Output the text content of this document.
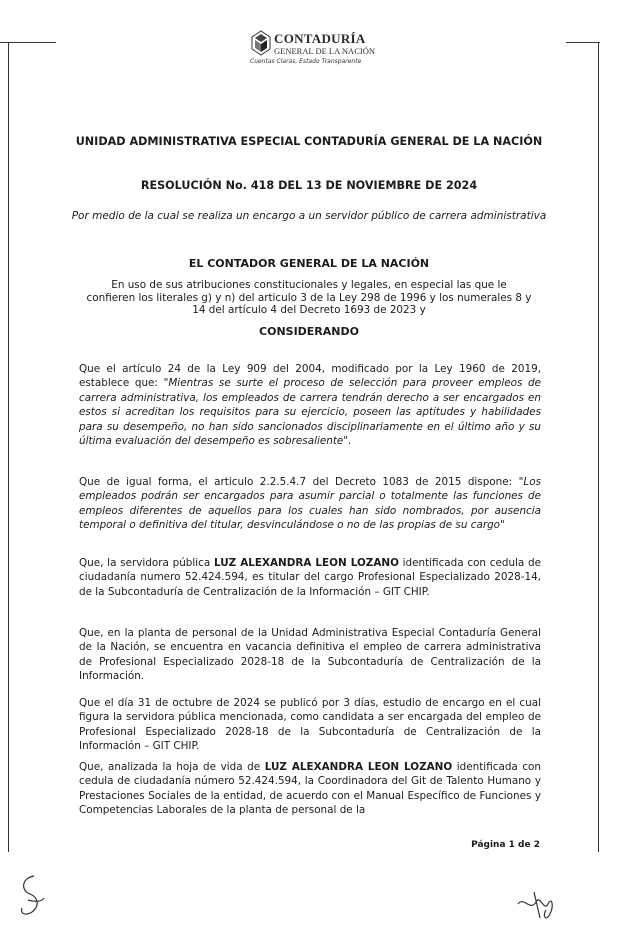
CONTADURÍA
GENERAL DE LA NACIÓN
Cuentas Claras, Estado Transparente
UNIDAD ADMINISTRATIVA ESPECIAL CONTADURÍA GENERAL DE LA NACIÓN
RESOLUCIÓN No. 418 DEL 13 DE NOVIEMBRE DE 2024
Por medio de la cual se realiza un encargo a un servidor público de carrera administrativa
EL CONTADOR GENERAL DE LA NACIÓN
En uso de sus atribuciones constitucionales y legales, en especial las que le confieren los literales g) y n) del articulo 3 de la Ley 298 de 1996 y los numerales 8 y 14 del artículo 4 del Decreto 1693 de 2023 y
CONSIDERANDO
Que el artículo 24 de la Ley 909 del 2004, modificado por la Ley 1960 de 2019, establece que: "Mientras se surte el proceso de selección para proveer empleos de carrera administrativa, los empleados de carrera tendrán derecho a ser encargados en estos si acreditan los requisitos para su ejercicio, poseen las aptitudes y habilidades para su desempeño, no han sido sancionados disciplinariamente en el último año y su última evaluación del desempeño es sobresaliente".
Que de igual forma, el articulo 2.2.5.4.7 del Decreto 1083 de 2015 dispone: "Los empleados podrán ser encargados para asumir parcial o totalmente las funciones de empleos diferentes de aquellos para los cuales han sido nombrados, por ausencia temporal o definitiva del titular, desvinculándose o no de las propias de su cargo"
Que, la servidora pública LUZ ALEXANDRA LEON LOZANO identificada con cedula de ciudadanía numero 52.424.594, es titular del cargo Profesional Especializado 2028-14, de la Subcontaduría de Centralización de la Información – GIT CHIP.
Que, en la planta de personal de la Unidad Administrativa Especial Contaduría General de la Nación, se encuentra en vacancia definitiva el empleo de carrera administrativa de Profesional Especializado 2028-18 de la Subcontaduría de Centralización de la Información.
Que el día 31 de octubre de 2024 se publicó por 3 días, estudio de encargo en el cual figura la servidora pública mencionada, como candidata a ser encargada del empleo de Profesional Especializado 2028-18 de la Subcontaduría de Centralización de la Información – GIT CHIP.
Que, analizada la hoja de vida de LUZ ALEXANDRA LEON LOZANO identificada con cedula de ciudadanía número 52.424.594, la Coordinadora del Git de Talento Humano y Prestaciones Sociales de la entidad, de acuerdo con el Manual Específico de Funciones y Competencias Laborales de la planta de personal de la
Página 1 de 2
